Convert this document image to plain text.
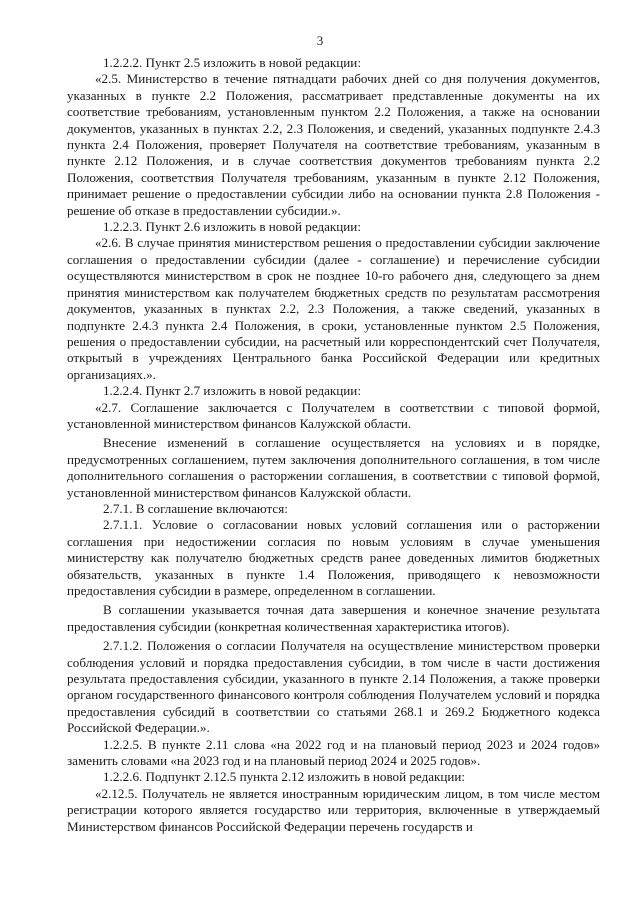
3

1.2.2.2. Пункт 2.5 изложить в новой редакции:

«2.5. Министерство в течение пятнадцати рабочих дней со дня получения документов, указанных в пункте 2.2 Положения, рассматривает представленные документы на их соответствие требованиям, установленным пунктом 2.2 Положения, а также на основании документов, указанных в пунктах 2.2, 2.3 Положения, и сведений, указанных подпункте 2.4.3 пункта 2.4 Положения, проверяет Получателя на соответствие требованиям, указанным в пункте 2.12 Положения, и в случае соответствия документов требованиям пункта 2.2 Положения, соответствия Получателя требованиям, указанным в пункте 2.12 Положения, принимает решение о предоставлении субсидии либо на основании пункта 2.8 Положения - решение об отказе в предоставлении субсидии.».

1.2.2.3. Пункт 2.6 изложить в новой редакции:

«2.6. В случае принятия министерством решения о предоставлении субсидии заключение соглашения о предоставлении субсидии (далее - соглашение) и перечисление субсидии осуществляются министерством в срок не позднее 10-го рабочего дня, следующего за днем принятия министерством как получателем бюджетных средств по результатам рассмотрения документов, указанных в пунктах 2.2, 2.3 Положения, а также сведений, указанных в подпункте 2.4.3 пункта 2.4 Положения, в сроки, установленные пунктом 2.5 Положения, решения о предоставлении субсидии, на расчетный или корреспондентский счет Получателя, открытый в учреждениях Центрального банка Российской Федерации или кредитных организациях.».

1.2.2.4. Пункт 2.7 изложить в новой редакции:

«2.7. Соглашение заключается с Получателем в соответствии с типовой формой, установленной министерством финансов Калужской области.

Внесение изменений в соглашение осуществляется на условиях и в порядке, предусмотренных соглашением, путем заключения дополнительного соглашения, в том числе дополнительного соглашения о расторжении соглашения, в соответствии с типовой формой, установленной министерством финансов Калужской области.

2.7.1. В соглашение включаются:

2.7.1.1. Условие о согласовании новых условий соглашения или о расторжении соглашения при недостижении согласия по новым условиям в случае уменьшения министерству как получателю бюджетных средств ранее доведенных лимитов бюджетных обязательств, указанных в пункте 1.4 Положения, приводящего к невозможности предоставления субсидии в размере, определенном в соглашении.

В соглашении указывается точная дата завершения и конечное значение результата предоставления субсидии (конкретная количественная характеристика итогов).

2.7.1.2. Положения о согласии Получателя на осуществление министерством проверки соблюдения условий и порядка предоставления субсидии, в том числе в части достижения результата предоставления субсидии, указанного в пункте 2.14 Положения, а также проверки органом государственного финансового контроля соблюдения Получателем условий и порядка предоставления субсидий в соответствии со статьями 268.1 и 269.2 Бюджетного кодекса Российской Федерации.».

1.2.2.5. В пункте 2.11 слова «на 2022 год и на плановый период 2023 и 2024 годов» заменить словами «на 2023 год и на плановый период 2024 и 2025 годов».

1.2.2.6. Подпункт 2.12.5 пункта 2.12 изложить в новой редакции:

«2.12.5. Получатель не является иностранным юридическим лицом, в том числе местом регистрации которого является государство или территория, включенные в утверждаемый Министерством финансов Российской Федерации перечень государств и
